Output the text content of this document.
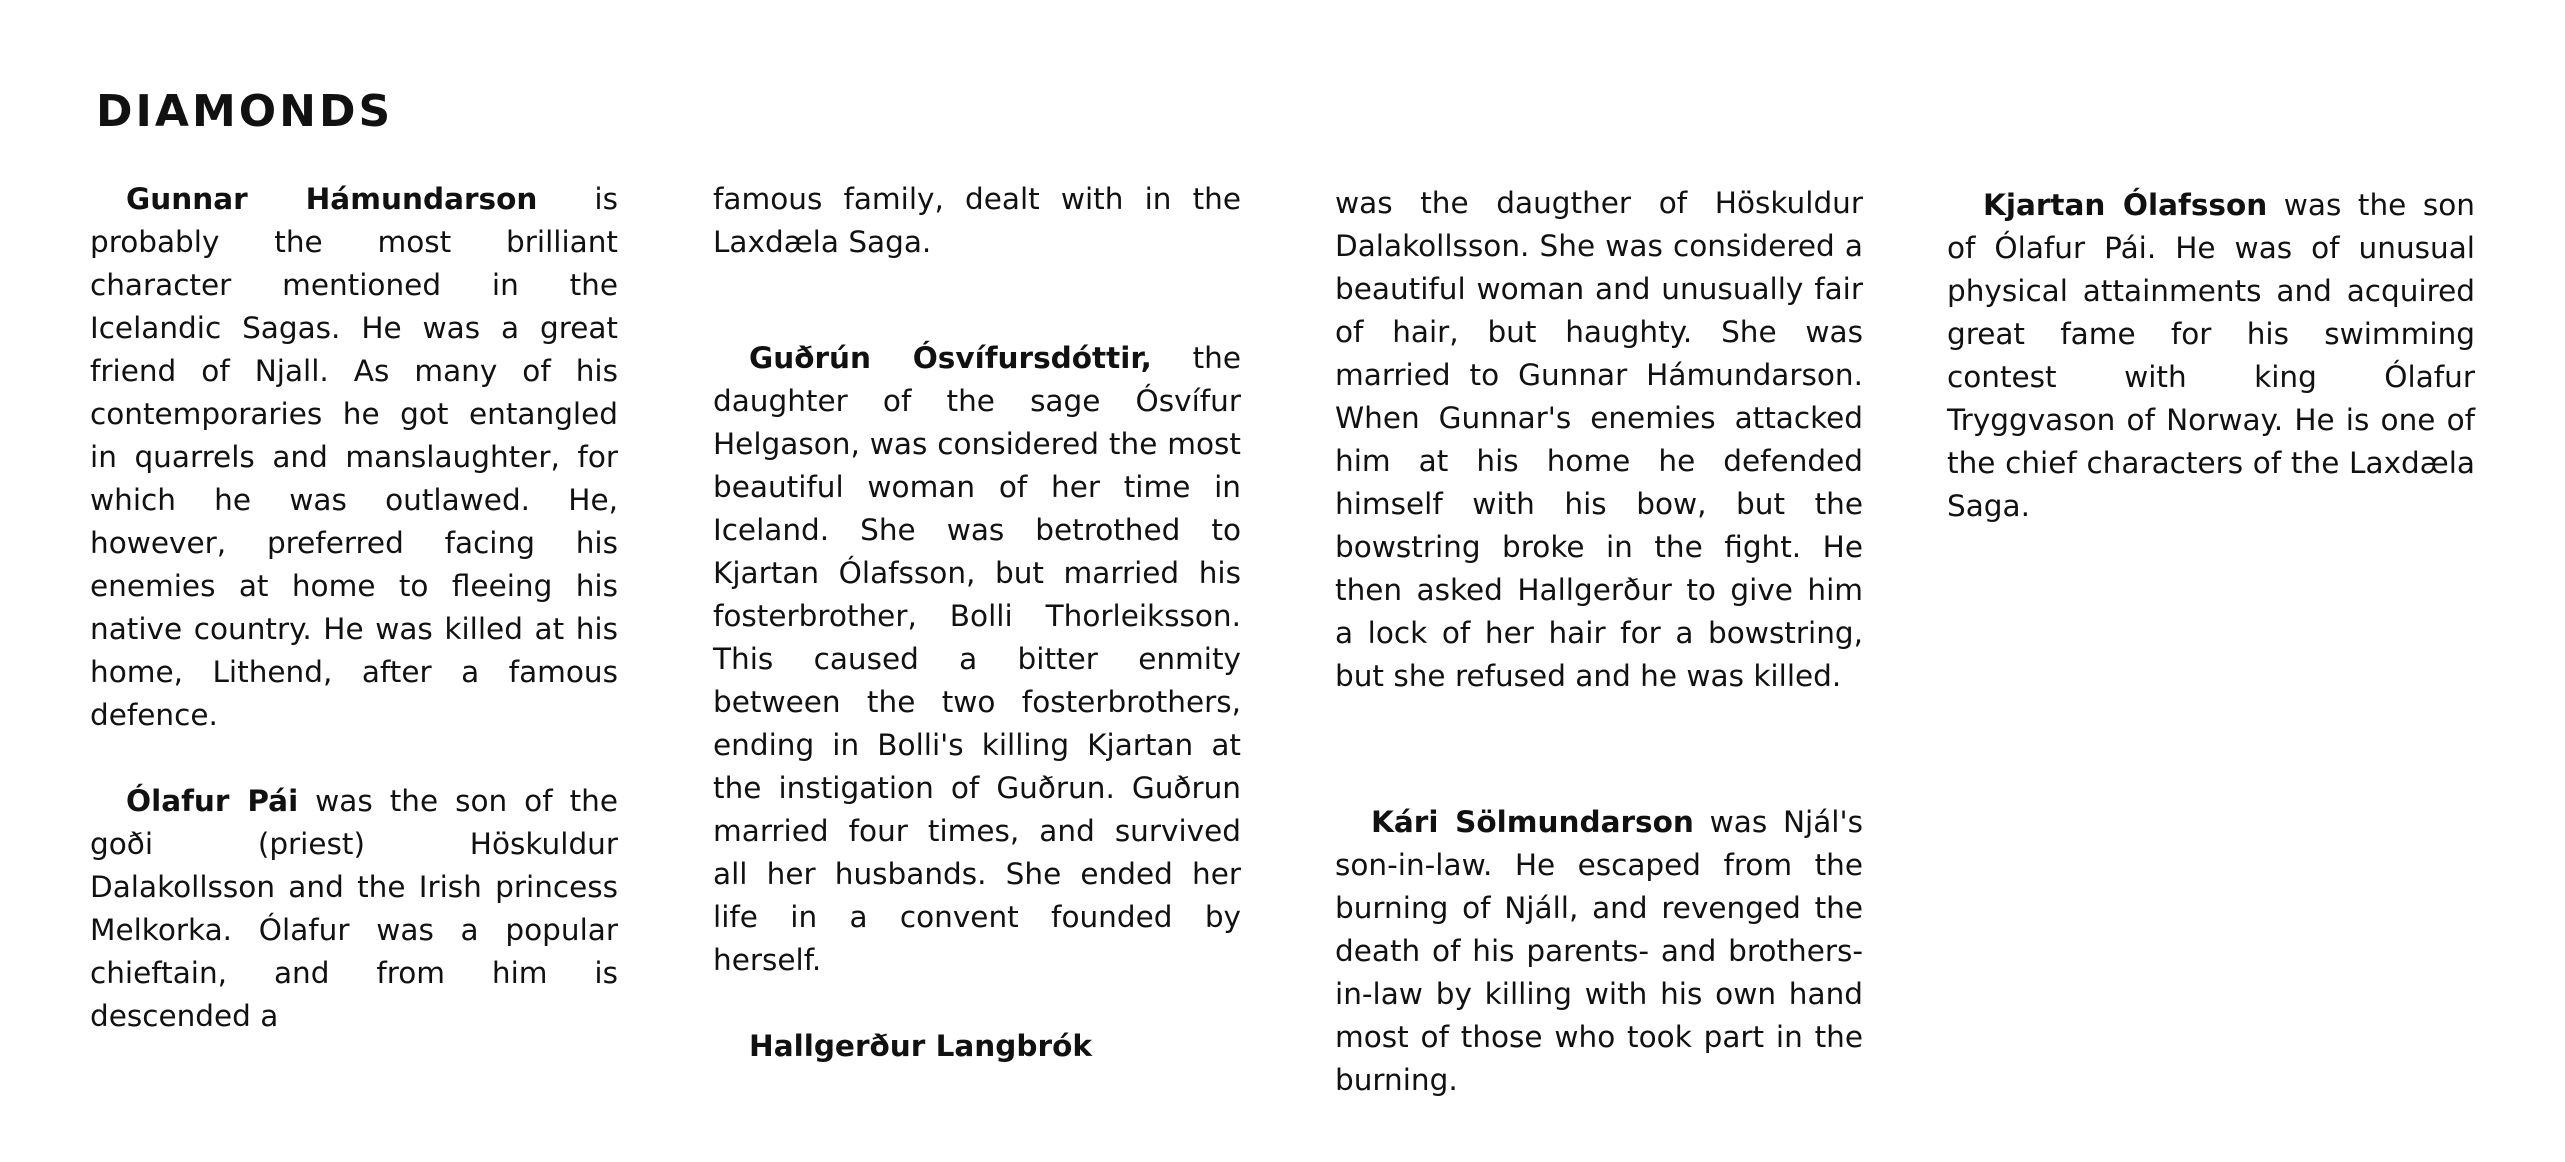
DIAMONDS

Gunnar Hámundarson is probably the most brilliant character mentioned in the Icelandic Sagas. He was a great friend of Njall. As many of his contemporaries he got entangled in quarrels and manslaughter, for which he was outlawed. He, however, preferred facing his enemies at home to fleeing his native country. He was killed at his home, Lithend, after a famous defence.

Ólafur Pái was the son of the goði (priest) Höskuldur Dalakollsson and the Irish princess Melkorka. Ólafur was a popular chieftain, and from him is descended a

famous family, dealt with in the Laxdæla Saga.

Guðrún Ósvífursdóttir, the daughter of the sage Ósvífur Helgason, was considered the most beautiful woman of her time in Iceland. She was betrothed to Kjartan Ólafsson, but married his fosterbrother, Bolli Thorleiksson. This caused a bitter enmity between the two fosterbrothers, ending in Bolli's killing Kjartan at the instigation of Guðrun. Guðrun married four times, and survived all her husbands. She ended her life in a convent founded by herself.

Hallgerður Langbrók

was the daugther of Höskuldur Dalakollsson. She was considered a beautiful woman and unusually fair of hair, but haughty. She was married to Gunnar Hámundarson. When Gunnar's enemies attacked him at his home he defended himself with his bow, but the bowstring broke in the fight. He then asked Hallgerður to give him a lock of her hair for a bowstring, but she refused and he was killed.

Kári Sölmundarson was Njál's son-in-law. He escaped from the burning of Njáll, and revenged the death of his parents- and brothers-in-law by killing with his own hand most of those who took part in the burning.

Kjartan Ólafsson was the son of Ólafur Pái. He was of unusual physical attainments and acquired great fame for his swimming contest with king Ólafur Tryggvason of Norway. He is one of the chief characters of the Laxdæla Saga.
